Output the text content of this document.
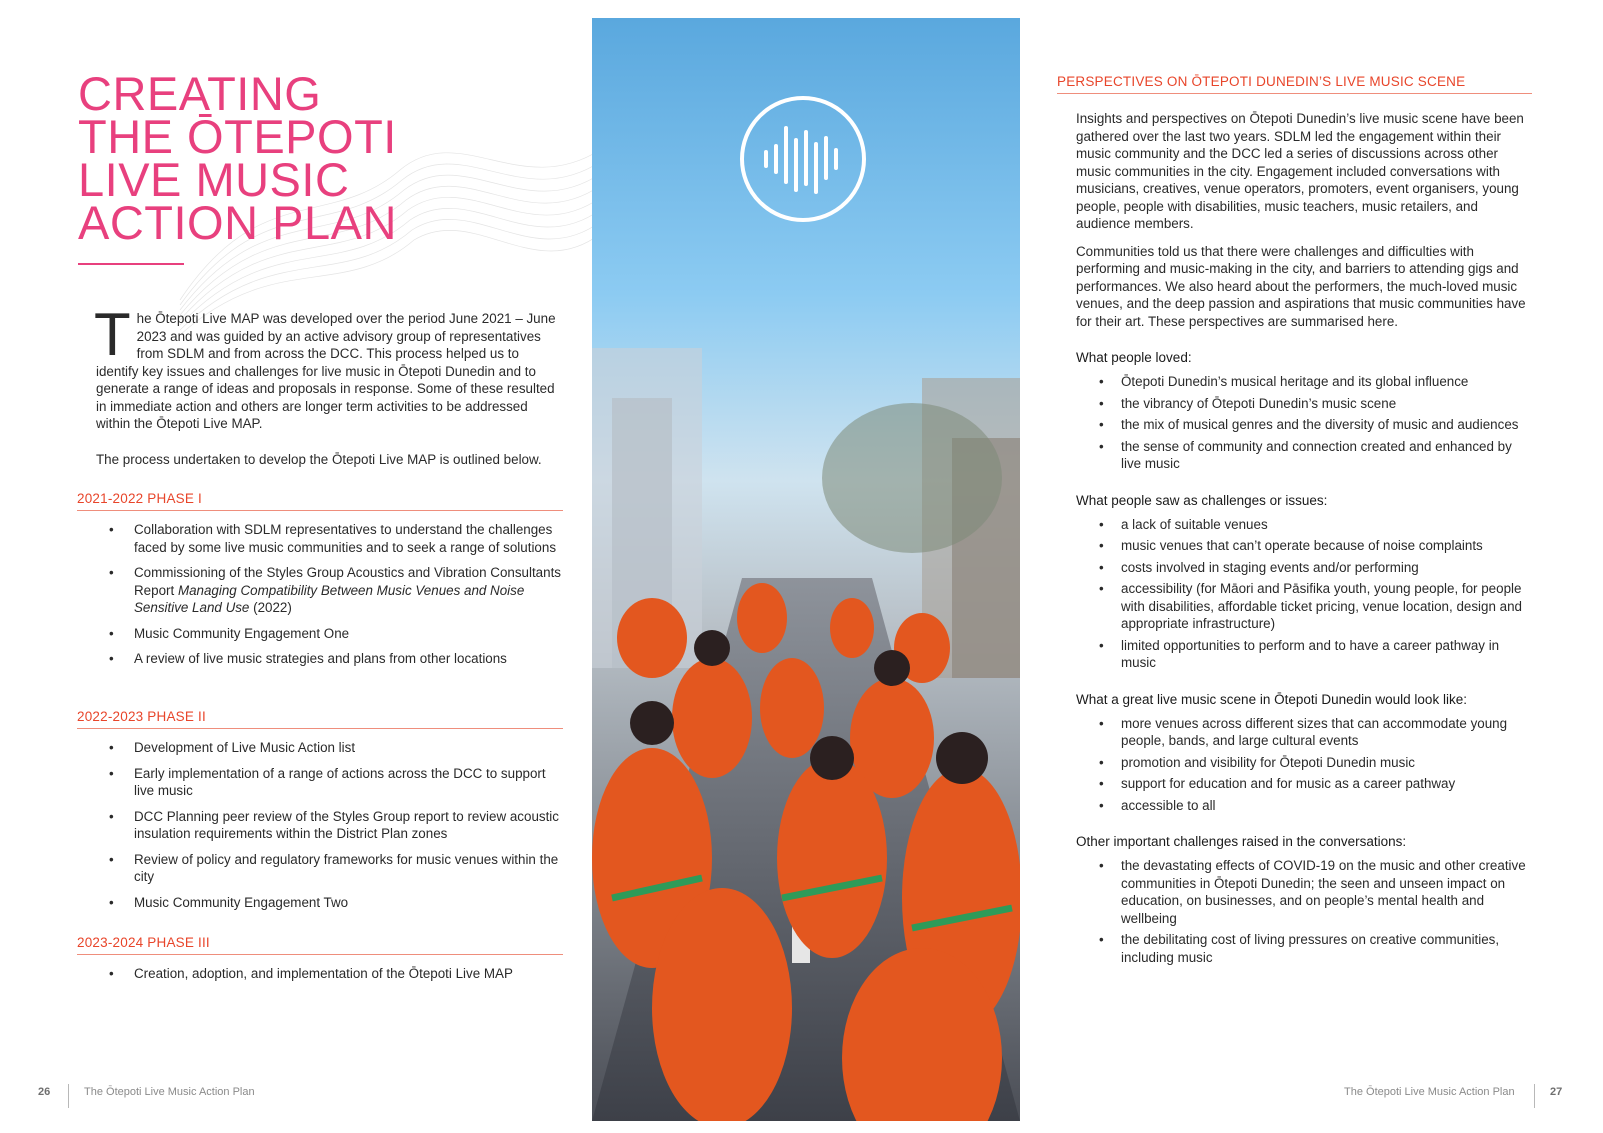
CREATING
THE ŌTEPOTI
LIVE MUSIC
ACTION PLAN

The Ōtepoti Live MAP was developed over the period June 2021 – June 2023 and was guided by an active advisory group of representatives from SDLM and from across the DCC. This process helped us to identify key issues and challenges for live music in Ōtepoti Dunedin and to generate a range of ideas and proposals in response. Some of these resulted in immediate action and others are longer term activities to be addressed within the Ōtepoti Live MAP.

The process undertaken to develop the Ōtepoti Live MAP is outlined below.

2021-2022 PHASE I
• Collaboration with SDLM representatives to understand the challenges faced by some live music communities and to seek a range of solutions
• Commissioning of the Styles Group Acoustics and Vibration Consultants Report Managing Compatibility Between Music Venues and Noise Sensitive Land Use (2022)
• Music Community Engagement One
• A review of live music strategies and plans from other locations
2022-2023 PHASE II
• Development of Live Music Action list
• Early implementation of a range of actions across the DCC to support live music
• DCC Planning peer review of the Styles Group report to review acoustic insulation requirements within the District Plan zones
• Review of policy and regulatory frameworks for music venues within the city
• Music Community Engagement Two
2023-2024 PHASE III
• Creation, adoption, and implementation of the Ōtepoti Live MAP
PERSPECTIVES ON ŌTEPOTI DUNEDIN’S LIVE MUSIC SCENE

Insights and perspectives on Ōtepoti Dunedin’s live music scene have been gathered over the last two years. SDLM led the engagement within their music community and the DCC led a series of discussions across other music communities in the city. Engagement included conversations with musicians, creatives, venue operators, promoters, event organisers, young people, people with disabilities, music teachers, music retailers, and audience members.

Communities told us that there were challenges and difficulties with performing and music-making in the city, and barriers to attending gigs and performances. We also heard about the performers, the much-loved music venues, and the deep passion and aspirations that music communities have for their art. These perspectives are summarised here.

What people loved:
• Ōtepoti Dunedin’s musical heritage and its global influence
• the vibrancy of Ōtepoti Dunedin’s music scene
• the mix of musical genres and the diversity of music and audiences
• the sense of community and connection created and enhanced by live music
What people saw as challenges or issues:
• a lack of suitable venues
• music venues that can’t operate because of noise complaints
• costs involved in staging events and/or performing
• accessibility (for Māori and Pāsifika youth, young people, for people with disabilities, affordable ticket pricing, venue location, design and appropriate infrastructure)
• limited opportunities to perform and to have a career pathway in music
What a great live music scene in Ōtepoti Dunedin would look like:
• more venues across different sizes that can accommodate young people, bands, and large cultural events
• promotion and visibility for Ōtepoti Dunedin music
• support for education and for music as a career pathway
• accessible to all
Other important challenges raised in the conversations:
• the devastating effects of COVID-19 on the music and other creative communities in Ōtepoti Dunedin; the seen and unseen impact on education, on businesses, and on people’s mental health and wellbeing
• the debilitating cost of living pressures on creative communities, including music
26	The Ōtepoti Live Music Action Plan	The Ōtepoti Live Music Action Plan	27
